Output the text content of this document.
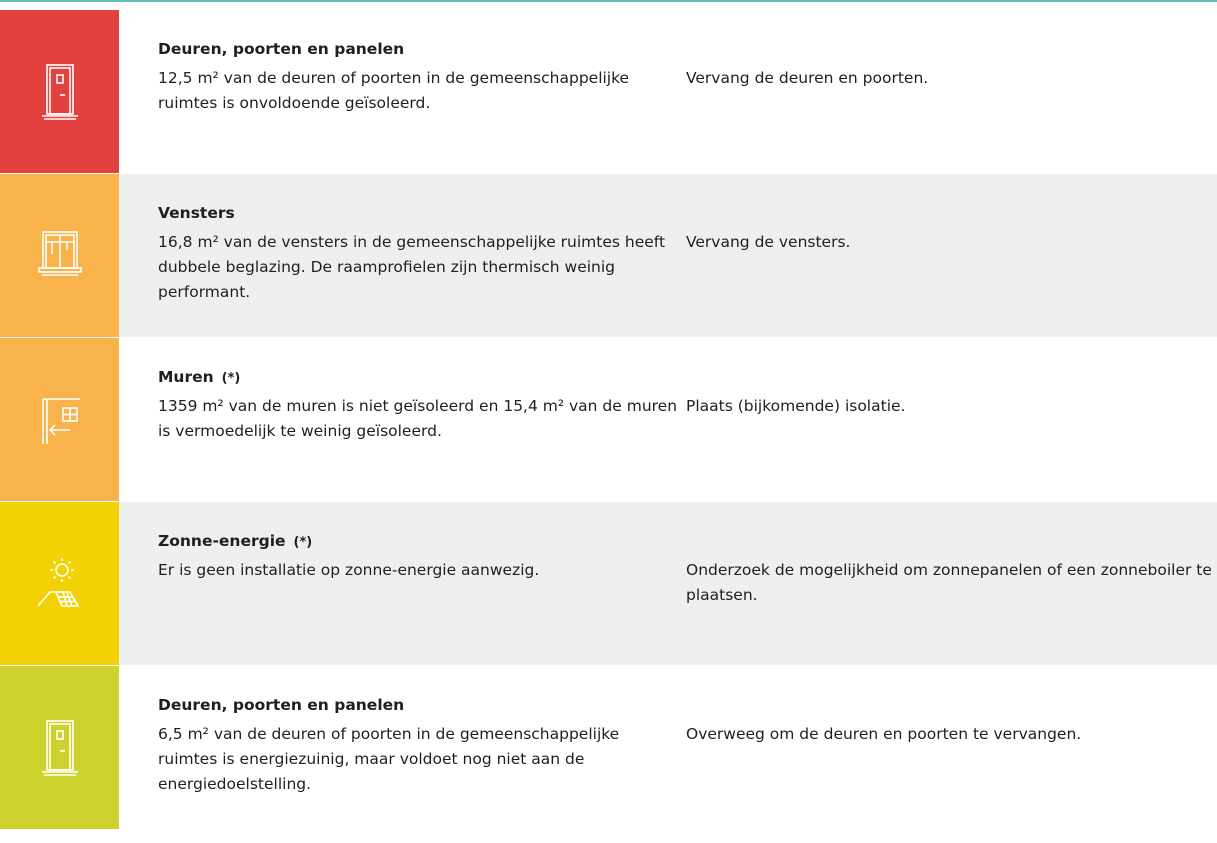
Deuren, poorten en panelen
12,5 m² van de deuren of poorten in de gemeenschappelijke ruimtes is onvoldoende geïsoleerd.
Vervang de deuren en poorten.
Vensters
16,8 m² van de vensters in de gemeenschappelijke ruimtes heeft dubbele beglazing. De raamprofielen zijn thermisch weinig performant.
Vervang de vensters.
Muren (*)
1359 m² van de muren is niet geïsoleerd en 15,4 m² van de muren is vermoedelijk te weinig geïsoleerd.
Plaats (bijkomende) isolatie.
Zonne-energie (*)
Er is geen installatie op zonne-energie aanwezig.	Onderzoek de mogelijkheid om zonnepanelen of een zonneboiler te plaatsen.
Deuren, poorten en panelen
6,5 m² van de deuren of poorten in de gemeenschappelijke ruimtes is energiezuinig, maar voldoet nog niet aan de energiedoelstelling.
Overweeg om de deuren en poorten te vervangen.
